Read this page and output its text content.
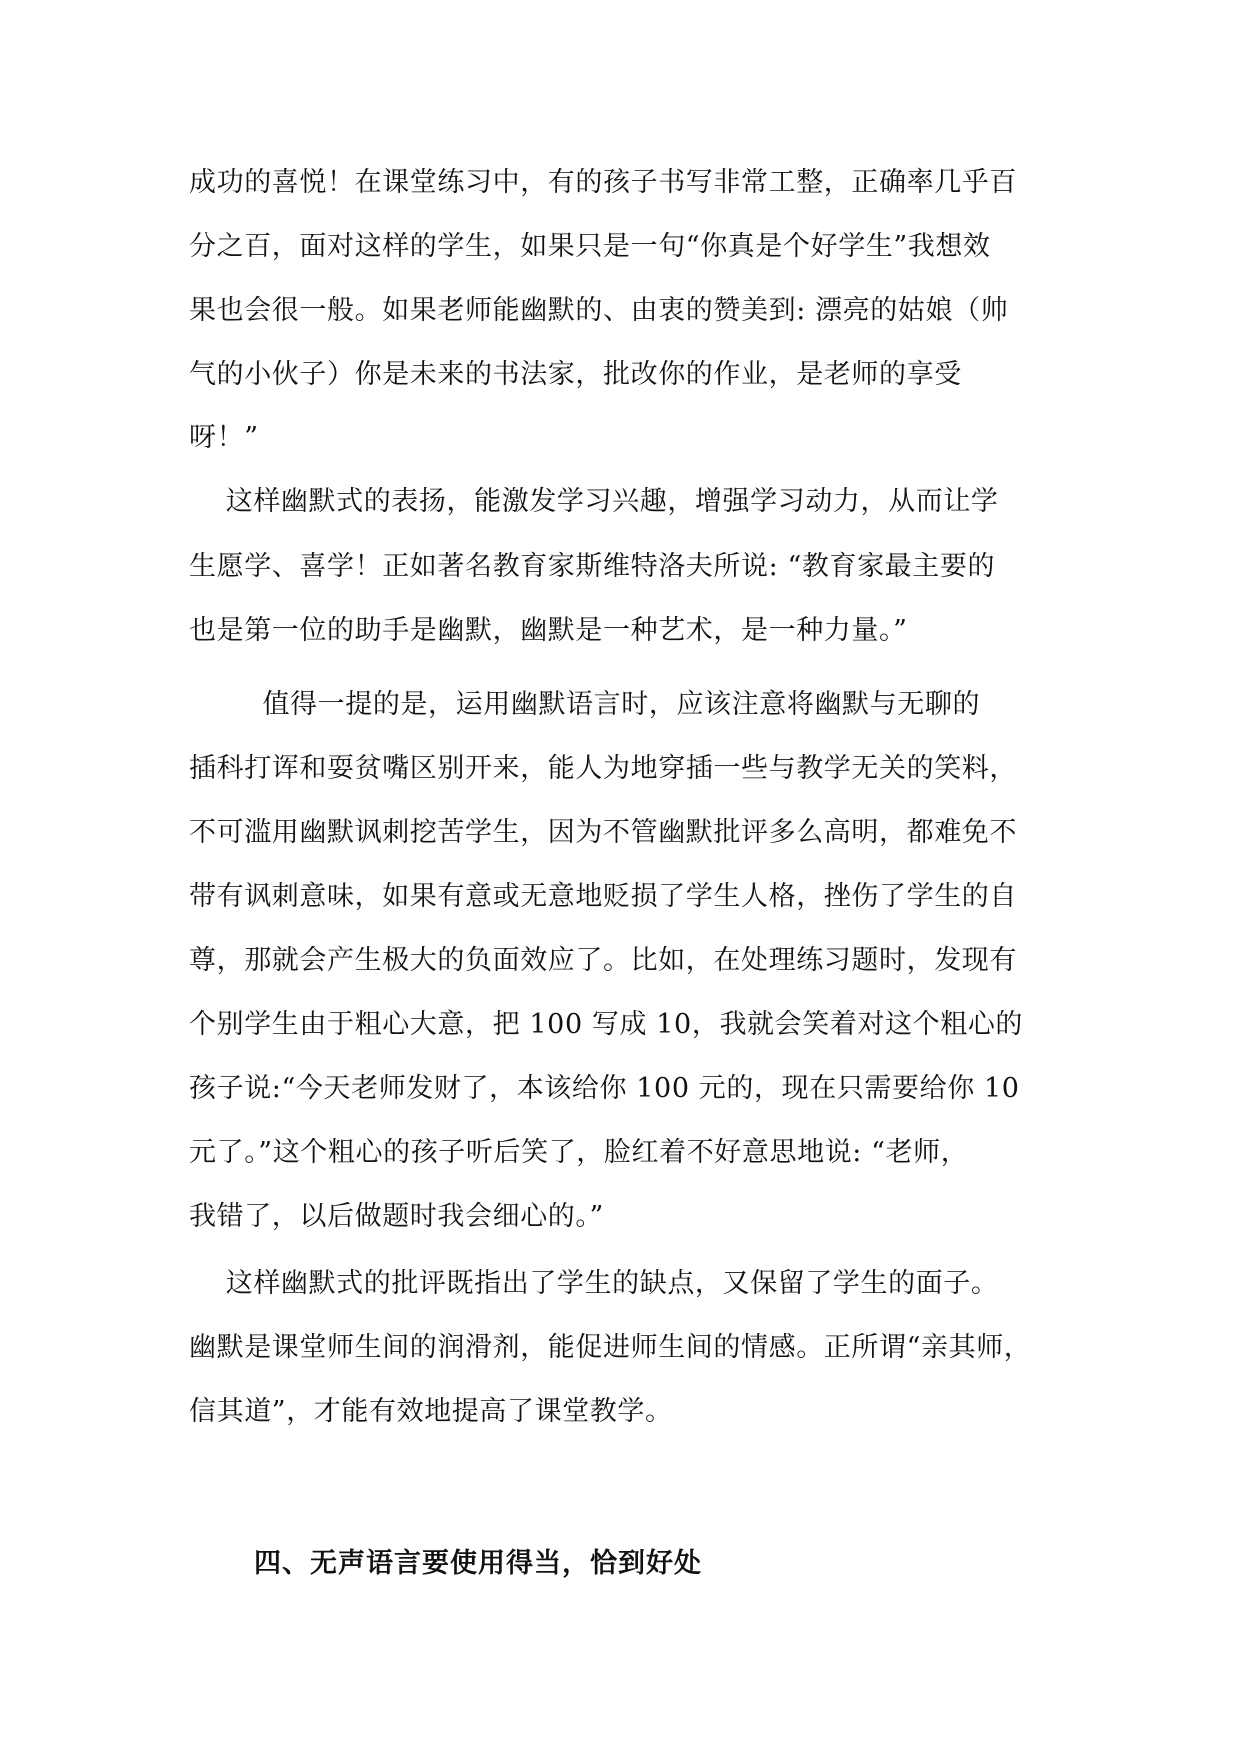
成功的喜悦！在课堂练习中，有的孩子书写非常工整，正确率几乎百
分之百，面对这样的学生，如果只是一句“你真是个好学生”我想效
果也会很一般。如果老师能幽默的、由衷的赞美到: 漂亮的姑娘（帅
气的小伙子）你是未来的书法家，批改你的作业，是老师的享受
呀！”
这样幽默式的表扬，能激发学习兴趣，增强学习动力，从而让学
生愿学、喜学！正如著名教育家斯维特洛夫所说: “教育家最主要的
也是第一位的助手是幽默，幽默是一种艺术，是一种力量。”
值得一提的是，运用幽默语言时，应该注意将幽默与无聊的
插科打诨和耍贫嘴区别开来，能人为地穿插一些与教学无关的笑料，
不可滥用幽默讽刺挖苦学生，因为不管幽默批评多么高明，都难免不
带有讽刺意味，如果有意或无意地贬损了学生人格，挫伤了学生的自
尊，那就会产生极大的负面效应了。比如，在处理练习题时，发现有
个别学生由于粗心大意，把 100 写成 10，我就会笑着对这个粗心的
孩子说:“今天老师发财了，本该给你 100 元的，现在只需要给你 10
元了。”这个粗心的孩子听后笑了，脸红着不好意思地说: “老师，
我错了，以后做题时我会细心的。”
这样幽默式的批评既指出了学生的缺点，又保留了学生的面子。
幽默是课堂师生间的润滑剂，能促进师生间的情感。正所谓“亲其师，
信其道”，才能有效地提高了课堂教学。
四、无声语言要使用得当，恰到好处
